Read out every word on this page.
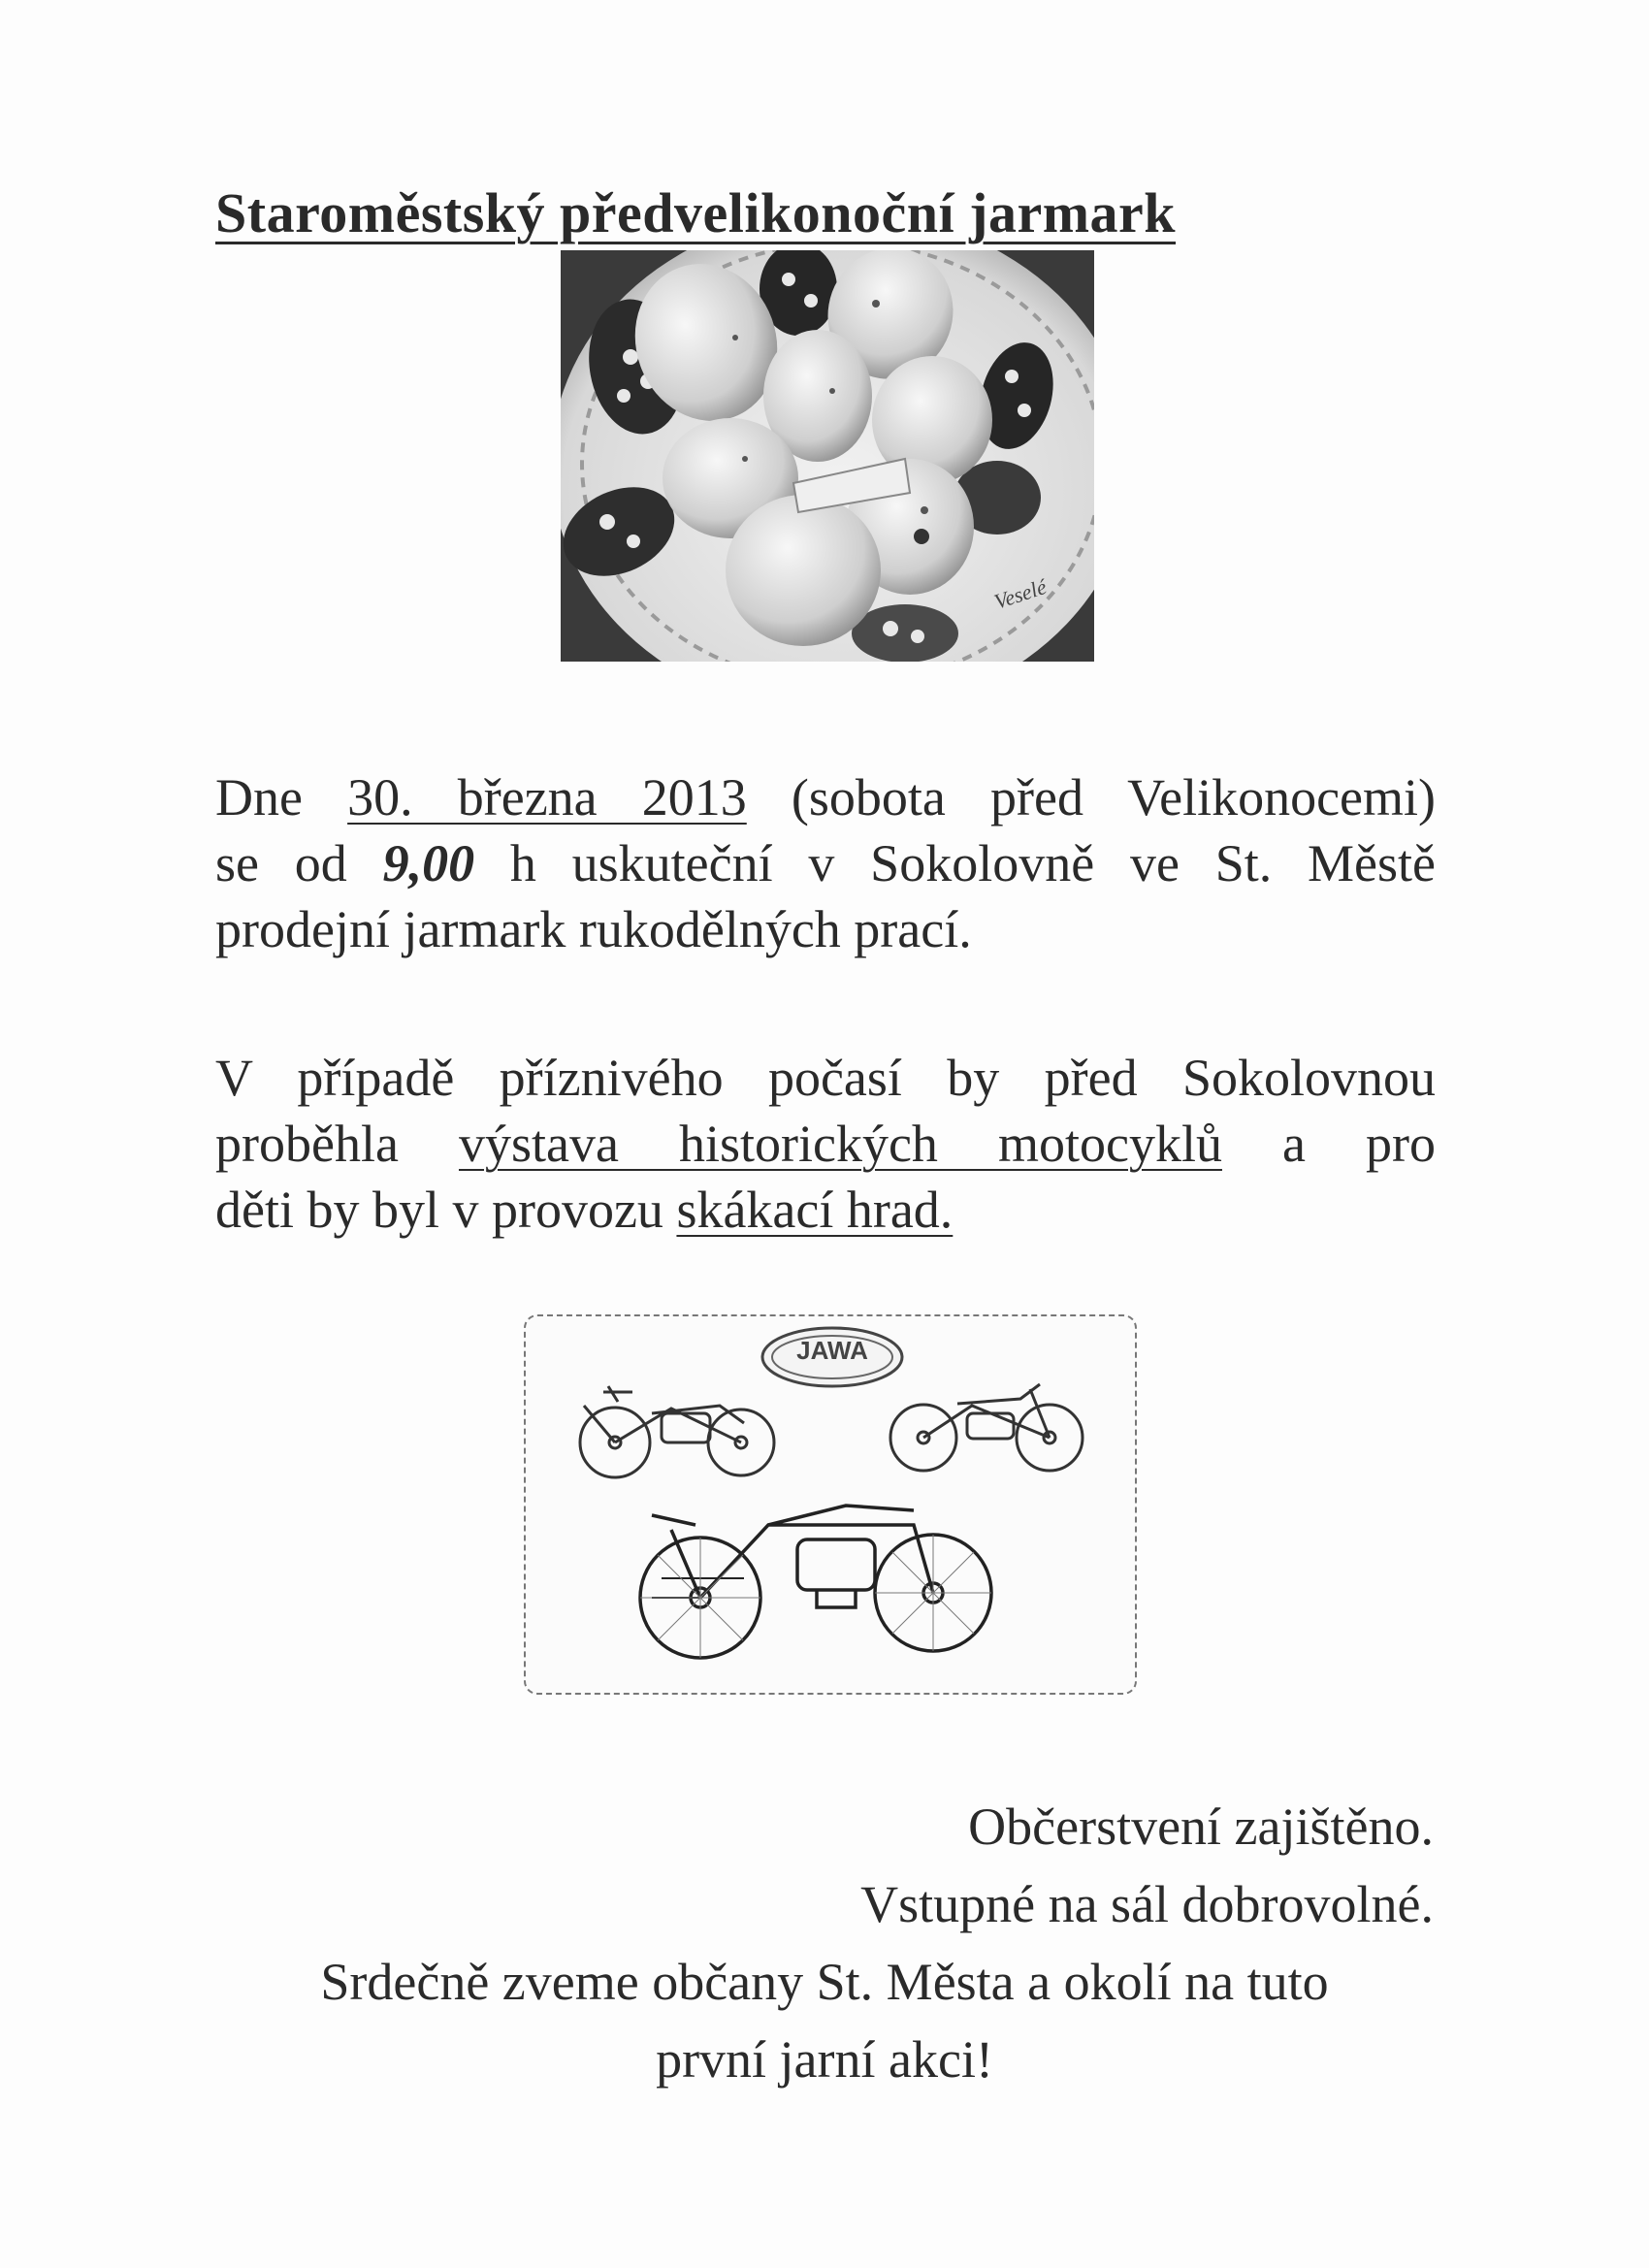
Staroměstský předvelikonoční jarmark
Veselé
Dne 30. března 2013 (sobota před Velikonocemi)
se od 9,00 h uskuteční v Sokolovně ve St. Městě
prodejní jarmark rukodělných prací.
V případě příznivého počasí by před Sokolovnou
proběhla výstava historických motocyklů a pro
děti by byl v provozu skákací hrad.
JAWA
Občerstvení zajištěno.
Vstupné na sál dobrovolné.
Srdečně zveme občany St. Města a okolí na tuto
první jarní akci!
